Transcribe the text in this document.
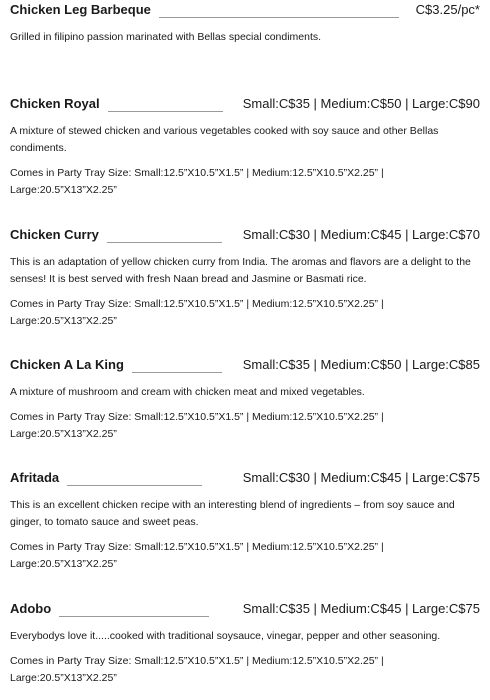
Chicken Leg Barbeque	C$3.25/pc*
Grilled in filipino passion marinated with Bellas special condiments.
Chicken Royal	Small:C$35 | Medium:C$50 | Large:C$90
A mixture of stewed chicken and various vegetables cooked with soy sauce and other Bellas condiments.
Comes in Party Tray Size: Small:12.5”X10.5”X1.5” | Medium:12.5”X10.5”X2.25” | Large:20.5”X13”X2.25”
Chicken Curry	Small:C$30 | Medium:C$45 | Large:C$70
This is an adaptation of yellow chicken curry from India. The aromas and flavors are a delight to the senses! It is best served with fresh Naan bread and Jasmine or Basmati rice.
Comes in Party Tray Size: Small:12.5”X10.5”X1.5” | Medium:12.5”X10.5”X2.25” | Large:20.5”X13”X2.25”
Chicken A La King	Small:C$35 | Medium:C$50 | Large:C$85
A mixture of mushroom and cream with chicken meat and mixed vegetables.
Comes in Party Tray Size: Small:12.5”X10.5”X1.5” | Medium:12.5”X10.5”X2.25” | Large:20.5”X13”X2.25”
Afritada	Small:C$30 | Medium:C$45 | Large:C$75
This is an excellent chicken recipe with an interesting blend of ingredients – from soy sauce and ginger, to tomato sauce and sweet peas.
Comes in Party Tray Size: Small:12.5”X10.5”X1.5” | Medium:12.5”X10.5”X2.25” | Large:20.5”X13”X2.25”
Adobo	Small:C$35 | Medium:C$45 | Large:C$75
Everybodys love it.....cooked with traditional soysauce, vinegar, pepper and other seasoning.
Comes in Party Tray Size: Small:12.5”X10.5”X1.5” | Medium:12.5”X10.5”X2.25” | Large:20.5”X13”X2.25”
